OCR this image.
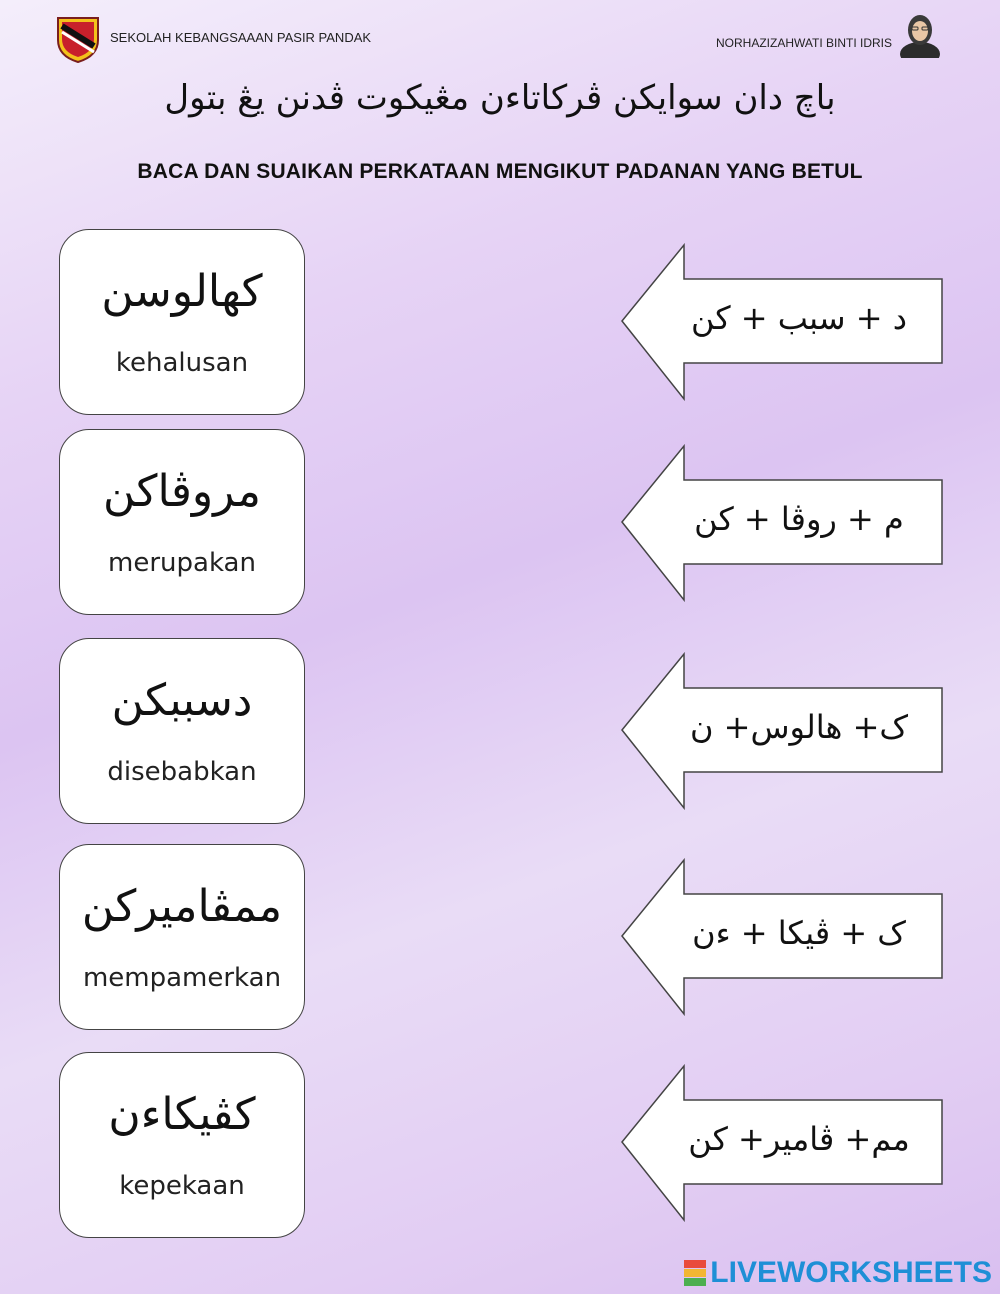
SEKOLAH KEBANGSAAAN PASIR PANDAK	NORHAZIZAHWATI BINTI IDRIS
باچ دان سوايكن ڤركاتاءن مڠيکوت ڤدنن يڠ بتول
BACA DAN SUAIKAN PERKATAAN MENGIKUT PADANAN YANG BETUL
كهالوسن
kehalusan
مروڤاكن
merupakan
دسببكن
disebabkan
ممڤاميركن
mempamerkan
كڤيكاءن
kepekaan
د + سبب + كن
م + روڤا + كن
ک+ هالوس+ ن
ک + ڤيکا + ءن
مم+ ڤامير+ كن
LIVEWORKSHEETS
